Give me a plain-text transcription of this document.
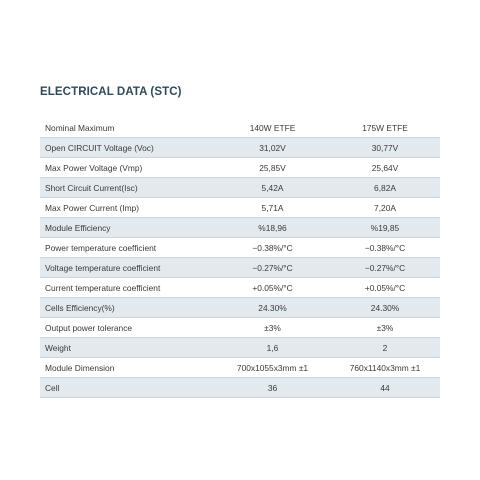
ELECTRICAL DATA (STC)
Nominal Maximum	140W ETFE	175W ETFE
Open CIRCUIT Voltage (Voc)	31,02V	30,77V
Max Power Voltage (Vmp)	25,85V	25,64V
Short Circuit Current(Isc)	5,42A	6,82A
Max Power Current (Imp)	5,71A	7,20A
Module Efficiency	%18,96	%19,85
Power temperature coefficient	−0.38%/°C	−0.38%/°C
Voltage temperature coefficient	−0.27%/°C	−0.27%/°C
Current temperature coefficient	+0.05%/°C	+0.05%/°C
Cells Efficiency(%)	24.30%	24.30%
Output power tolerance	±3%	±3%
Weight	1,6	2
Module Dimension	700x1055x3mm ±1	760x1140x3mm ±1
Cell	36	44
